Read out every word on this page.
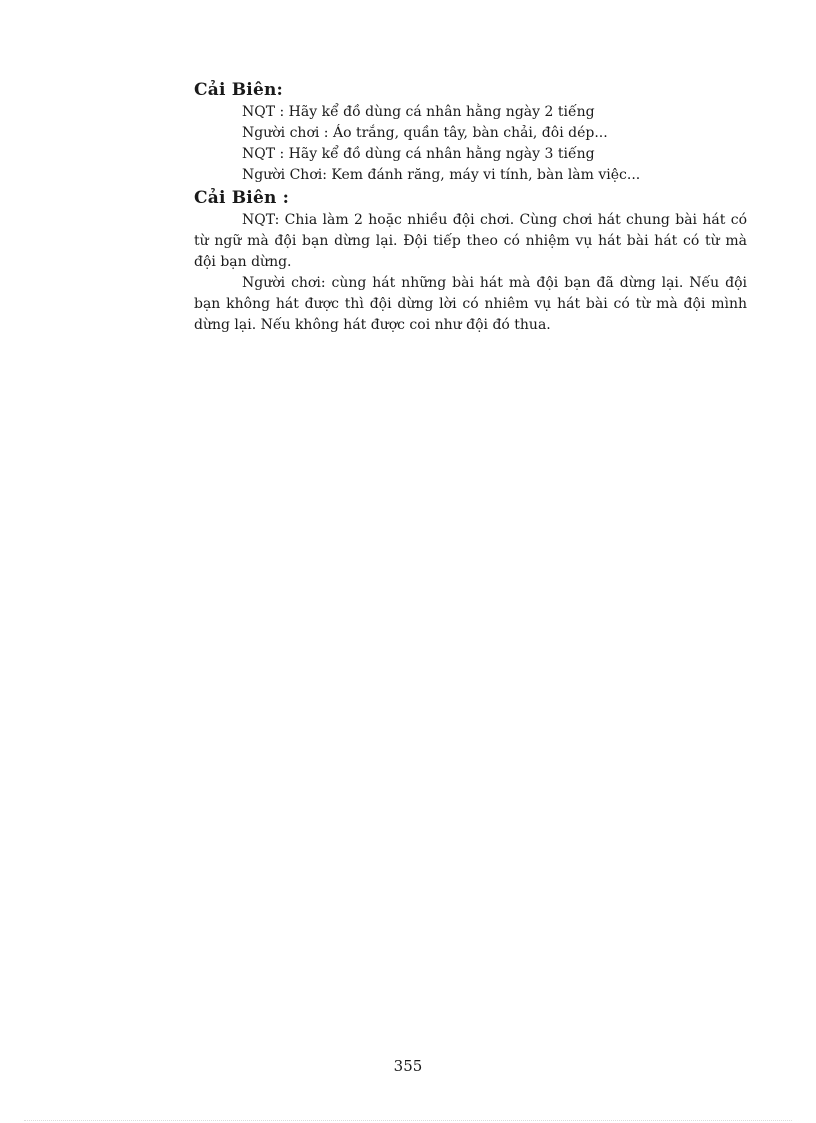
Cải Biên:

NQT : Hãy kể đồ dùng cá nhân hằng ngày 2 tiếng

Người chơi : Áo trắng, quần tây, bàn chải, đôi dép...

NQT : Hãy kể đồ dùng cá nhân hằng ngày 3 tiếng

Người Chơi: Kem đánh răng, máy vi tính, bàn làm việc...

Cải Biên :

NQT: Chia làm 2 hoặc nhiều đội chơi. Cùng chơi hát chung bài hát có từ ngữ mà đội bạn dừng lại. Đội tiếp theo có nhiệm vụ hát bài hát có từ mà đội bạn dừng.

Người chơi: cùng hát những bài hát mà đội bạn đã dừng lại. Nếu đội bạn không hát được thì đội dừng lời có nhiêm vụ hát bài có từ mà đội mình dừng lại. Nếu không hát được coi như đội đó thua.

355
